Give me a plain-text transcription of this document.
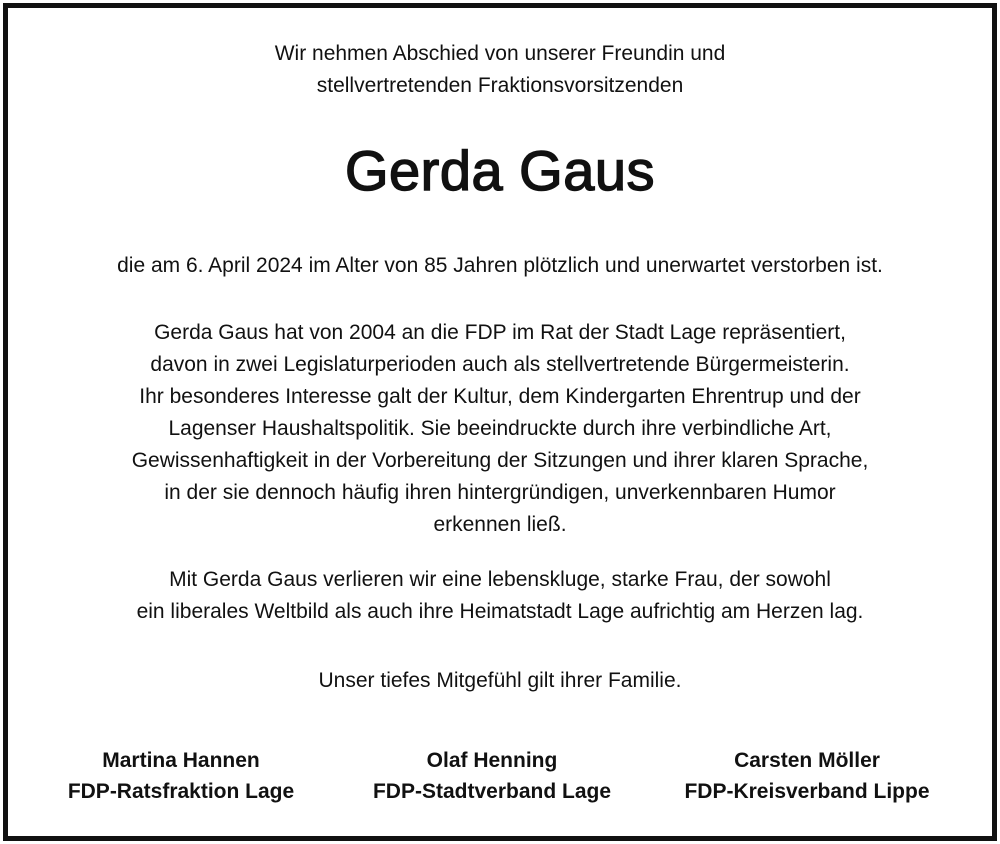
Wir nehmen Abschied von unserer Freundin und
stellvertretenden Fraktionsvorsitzenden
Gerda Gaus
die am 6. April 2024 im Alter von 85 Jahren plötzlich und unerwartet verstorben ist.
Gerda Gaus hat von 2004 an die FDP im Rat der Stadt Lage repräsentiert,
davon in zwei Legislaturperioden auch als stellvertretende Bürgermeisterin.
Ihr besonderes Interesse galt der Kultur, dem Kindergarten Ehrentrup und der
Lagenser Haushaltspolitik. Sie beeindruckte durch ihre verbindliche Art,
Gewissenhaftigkeit in der Vorbereitung der Sitzungen und ihrer klaren Sprache,
in der sie dennoch häufig ihren hintergründigen, unverkennbaren Humor
erkennen ließ.
Mit Gerda Gaus verlieren wir eine lebenskluge, starke Frau, der sowohl
ein liberales Weltbild als auch ihre Heimatstadt Lage aufrichtig am Herzen lag.
Unser tiefes Mitgefühl gilt ihrer Familie.
Martina Hannen
FDP-Ratsfraktion Lage
Olaf Henning
FDP-Stadtverband Lage
Carsten Möller
FDP-Kreisverband Lippe
